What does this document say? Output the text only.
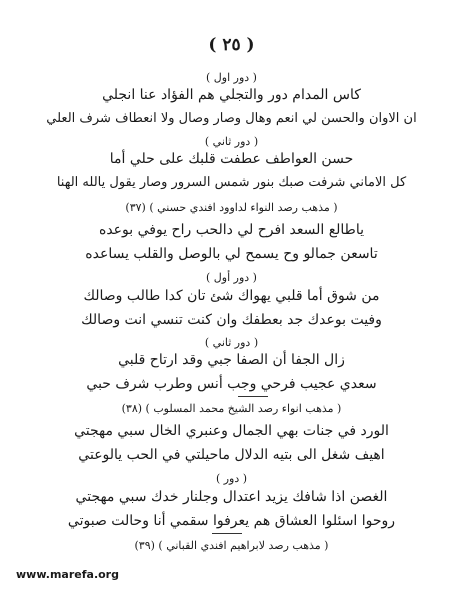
( ٢٥ )
( دور اول )
كاس المدام دور والتجلي هم الفؤاد عنا انجلي
ان الاوان والحسن لي انعم وهال وصار وصال ولا انعطاف شرف العلي
( دور ثاني )
حسن العواطف عطفت قلبك على حلي أما
كل الاماني شرفت صبك بنور شمس السرور وصار يقول يالله الهنا
(٣٧) ( مذهب رصد النواء لداوود افندي حسني )
ياطالع السعد افرح لي دالحب راح يوفي بوعده
تاسعن جمالو وح يسمح لي بالوصل والقلب يساعده
( دور أول )
من شوق أما قلبي يهواك شئ تان كدا طالب وصالك
وفيت بوعدك جد بعطفك وان كنت تنسي انت وصالك
( دور ثاني )
زال الجفا أن الصفا جبي وقد ارتاح قلبي
سعدي عجيب فرحي وجب أنس وطرب شرف حبي
(٣٨) ( مذهب انواء رصد الشيخ محمد المسلوب )
الورد في جنات بهي الجمال وعنبري الخال سبي مهجتي
اهيف شغل الى بتيه الدلال ماحيلتي في الحب يالوعتي
( دور )
الغصن اذا شافك يزيد اعتدال وجلنار خدك سبي مهجتي
روحوا اسئلوا العشاق هم يعرفوا سقمي أنا وحالت صبوتي
(٣٩) ( مذهب رصد لابراهيم افندي القباني )
www.marefa.org
